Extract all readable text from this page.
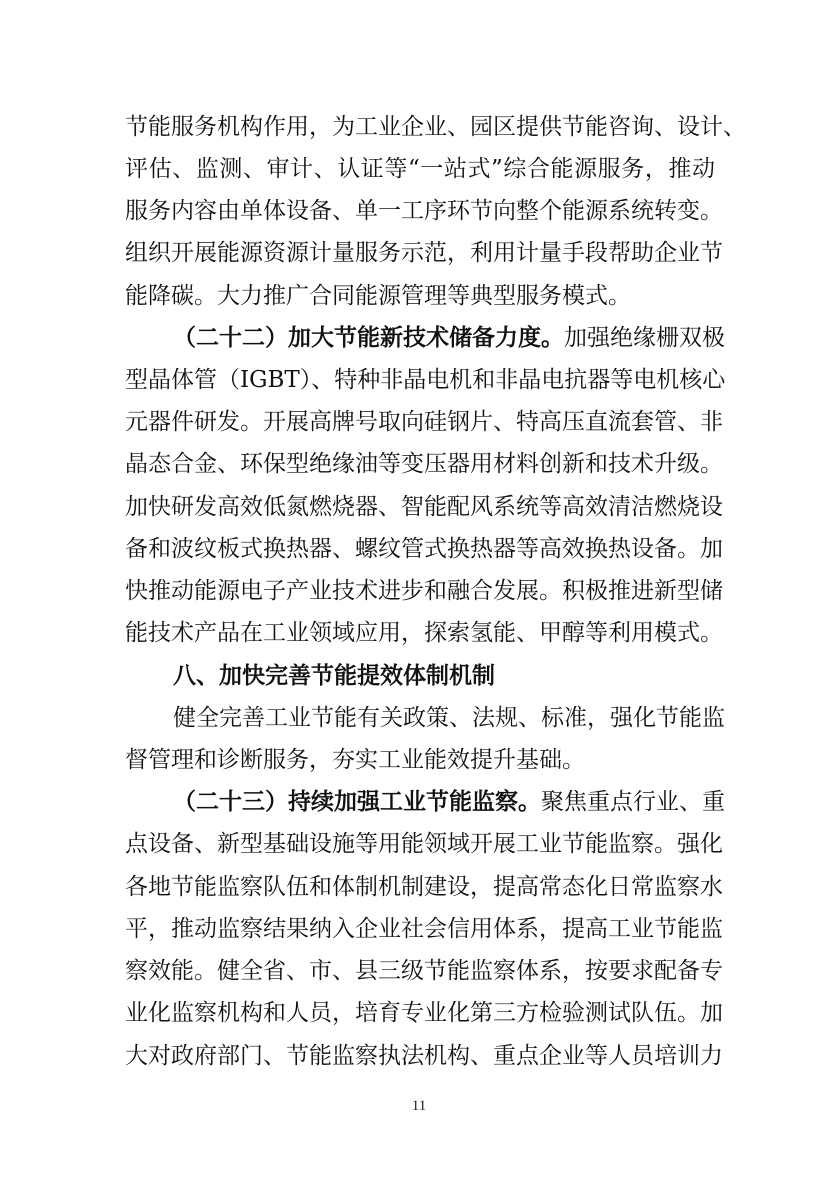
节能服务机构作用，为工业企业、园区提供节能咨询、设计、
评估、监测、审计、认证等“一站式”综合能源服务，推动
服务内容由单体设备、单一工序环节向整个能源系统转变。
组织开展能源资源计量服务示范，利用计量手段帮助企业节
能降碳。大力推广合同能源管理等典型服务模式。
（二十二）加大节能新技术储备力度。加强绝缘栅双极
型晶体管（IGBT）、特种非晶电机和非晶电抗器等电机核心
元器件研发。开展高牌号取向硅钢片、特高压直流套管、非
晶态合金、环保型绝缘油等变压器用材料创新和技术升级。
加快研发高效低氮燃烧器、智能配风系统等高效清洁燃烧设
备和波纹板式换热器、螺纹管式换热器等高效换热设备。加
快推动能源电子产业技术进步和融合发展。积极推进新型储
能技术产品在工业领域应用，探索氢能、甲醇等利用模式。
八、加快完善节能提效体制机制
健全完善工业节能有关政策、法规、标准，强化节能监
督管理和诊断服务，夯实工业能效提升基础。
（二十三）持续加强工业节能监察。聚焦重点行业、重
点设备、新型基础设施等用能领域开展工业节能监察。强化
各地节能监察队伍和体制机制建设，提高常态化日常监察水
平，推动监察结果纳入企业社会信用体系，提高工业节能监
察效能。健全省、市、县三级节能监察体系，按要求配备专
业化监察机构和人员，培育专业化第三方检验测试队伍。加
大对政府部门、节能监察执法机构、重点企业等人员培训力
11
